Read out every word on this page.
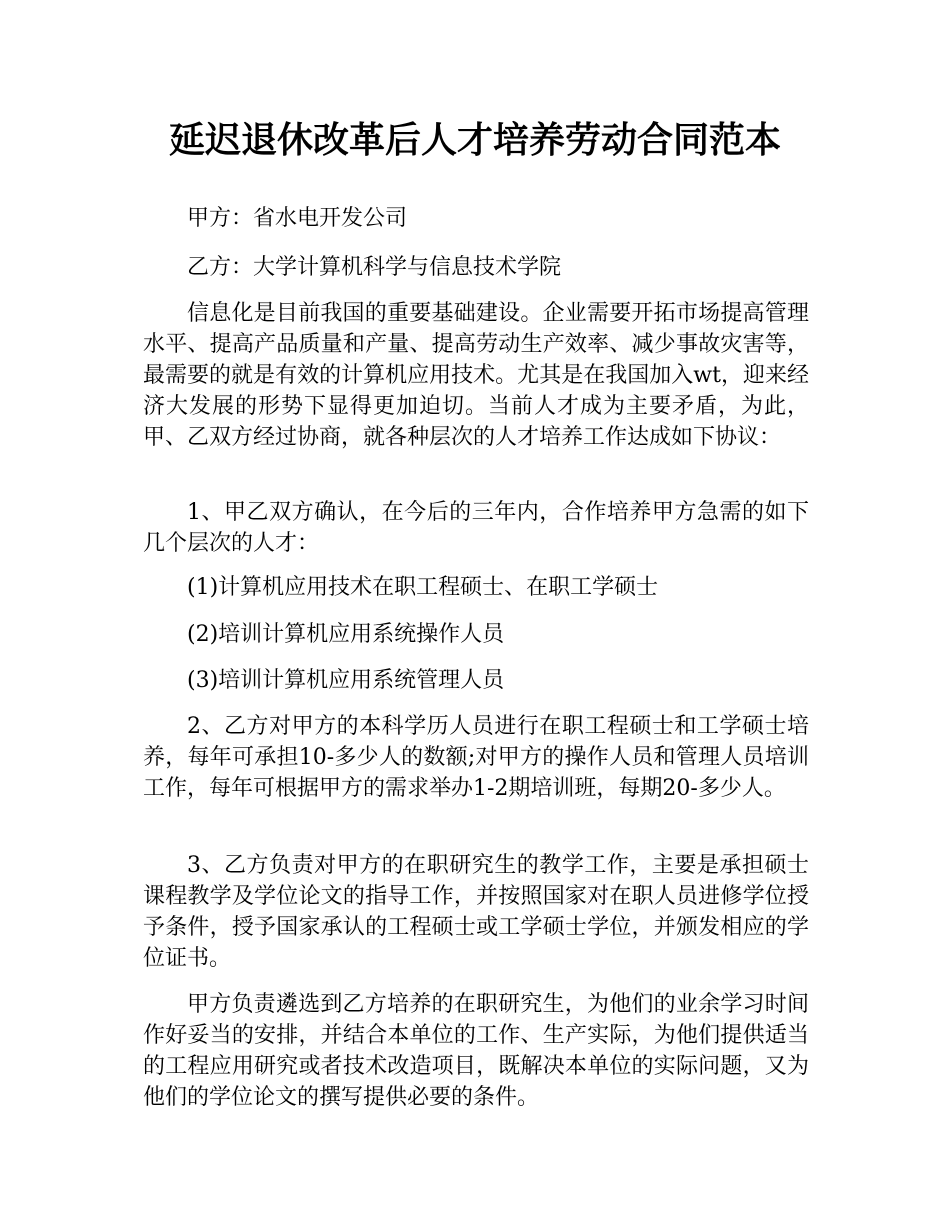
延迟退休改革后人才培养劳动合同范本

甲方：省水电开发公司

乙方：大学计算机科学与信息技术学院

信息化是目前我国的重要基础建设。企业需要开拓市场提高管理水平、提高产品质量和产量、提高劳动生产效率、减少事故灾害等，最需要的就是有效的计算机应用技术。尤其是在我国加入wt，迎来经济大发展的形势下显得更加迫切。当前人才成为主要矛盾，为此，甲、乙双方经过协商，就各种层次的人才培养工作达成如下协议：

1、甲乙双方确认，在今后的三年内，合作培养甲方急需的如下几个层次的人才：

(1)计算机应用技术在职工程硕士、在职工学硕士

(2)培训计算机应用系统操作人员

(3)培训计算机应用系统管理人员

2、乙方对甲方的本科学历人员进行在职工程硕士和工学硕士培养，每年可承担10-多少人的数额;对甲方的操作人员和管理人员培训工作，每年可根据甲方的需求举办1-2期培训班，每期20-多少人。

3、乙方负责对甲方的在职研究生的教学工作，主要是承担硕士课程教学及学位论文的指导工作，并按照国家对在职人员进修学位授予条件，授予国家承认的工程硕士或工学硕士学位，并颁发相应的学位证书。

甲方负责遴选到乙方培养的在职研究生，为他们的业余学习时间作好妥当的安排，并结合本单位的工作、生产实际，为他们提供适当的工程应用研究或者技术改造项目，既解决本单位的实际问题，又为他们的学位论文的撰写提供必要的条件。
